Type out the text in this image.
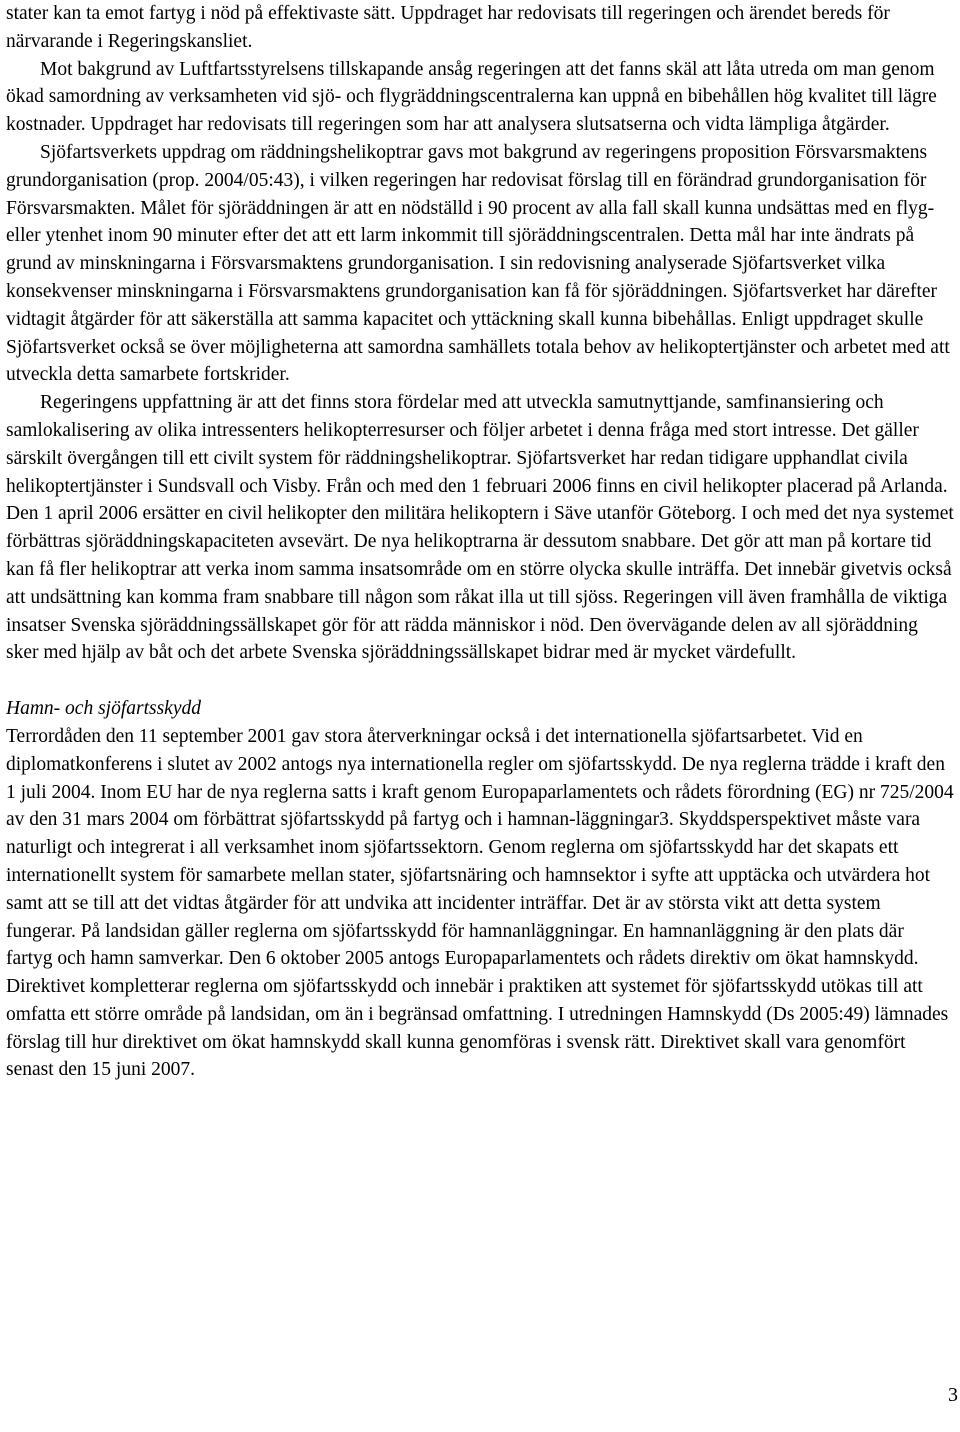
stater kan ta emot fartyg i nöd på effektivaste sätt. Uppdraget har redovisats till regeringen och ärendet bereds för närvarande i Regeringskansliet.

Mot bakgrund av Luftfartsstyrelsens tillskapande ansåg regeringen att det fanns skäl att låta utreda om man genom ökad samordning av verksamheten vid sjö- och flygräddningscentralerna kan uppnå en bibehållen hög kvalitet till lägre kostnader. Uppdraget har redovisats till regeringen som har att analysera slutsatserna och vidta lämpliga åtgärder.

Sjöfartsverkets uppdrag om räddningshelikoptrar gavs mot bakgrund av regeringens proposition Försvarsmaktens grundorganisation (prop. 2004/05:43), i vilken regeringen har redovisat förslag till en förändrad grundorganisation för Försvarsmakten. Målet för sjöräddningen är att en nödställd i 90 procent av alla fall skall kunna undsättas med en flyg- eller ytenhet inom 90 minuter efter det att ett larm inkommit till sjöräddningscentralen. Detta mål har inte ändrats på grund av minskningarna i Försvarsmaktens grundorganisation. I sin redovisning analyserade Sjöfartsverket vilka konsekvenser minskningarna i Försvarsmaktens grundorganisation kan få för sjöräddningen. Sjöfartsverket har därefter vidtagit åtgärder för att säkerställa att samma kapacitet och yttäckning skall kunna bibehållas. Enligt uppdraget skulle Sjöfartsverket också se över möjligheterna att samordna samhällets totala behov av helikoptertjänster och arbetet med att utveckla detta samarbete fortskrider.

Regeringens uppfattning är att det finns stora fördelar med att utveckla samutnyttjande, samfinansiering och samlokalisering av olika intressenters helikopterresurser och följer arbetet i denna fråga med stort intresse. Det gäller särskilt övergången till ett civilt system för räddningshelikoptrar. Sjöfartsverket har redan tidigare upphandlat civila helikoptertjänster i Sundsvall och Visby. Från och med den 1 februari 2006 finns en civil helikopter placerad på Arlanda. Den 1 april 2006 ersätter en civil helikopter den militära helikoptern i Säve utanför Göteborg. I och med det nya systemet förbättras sjöräddningskapaciteten avsevärt. De nya helikoptrarna är dessutom snabbare. Det gör att man på kortare tid kan få fler helikoptrar att verka inom samma insatsområde om en större olycka skulle inträffa. Det innebär givetvis också att undsättning kan komma fram snabbare till någon som råkat illa ut till sjöss. Regeringen vill även framhålla de viktiga insatser Svenska sjöräddningssällskapet gör för att rädda människor i nöd. Den övervägande delen av all sjöräddning sker med hjälp av båt och det arbete Svenska sjöräddningssällskapet bidrar med är mycket värdefullt.

Hamn- och sjöfartsskydd

Terrordåden den 11 september 2001 gav stora återverkningar också i det internationella sjöfartsarbetet. Vid en diplomatkonferens i slutet av 2002 antogs nya internationella regler om sjöfartsskydd. De nya reglerna trädde i kraft den 1 juli 2004. Inom EU har de nya reglerna satts i kraft genom Europaparlamentets och rådets förordning (EG) nr 725/2004 av den 31 mars 2004 om förbättrat sjöfartsskydd på fartyg och i hamnan-läggningar3. Skyddsperspektivet måste vara naturligt och integrerat i all verksamhet inom sjöfartssektorn. Genom reglerna om sjöfartsskydd har det skapats ett internationellt system för samarbete mellan stater, sjöfartsnäring och hamnsektor i syfte att upptäcka och utvärdera hot samt att se till att det vidtas åtgärder för att undvika att incidenter inträffar. Det är av största vikt att detta system fungerar. På landsidan gäller reglerna om sjöfartsskydd för hamnanläggningar. En hamnanläggning är den plats där fartyg och hamn samverkar. Den 6 oktober 2005 antogs Europaparlamentets och rådets direktiv om ökat hamnskydd. Direktivet kompletterar reglerna om sjöfartsskydd och innebär i praktiken att systemet för sjöfartsskydd utökas till att omfatta ett större område på landsidan, om än i begränsad omfattning. I utredningen Hamnskydd (Ds 2005:49) lämnades förslag till hur direktivet om ökat hamnskydd skall kunna genomföras i svensk rätt. Direktivet skall vara genomfört senast den 15 juni 2007.

3
